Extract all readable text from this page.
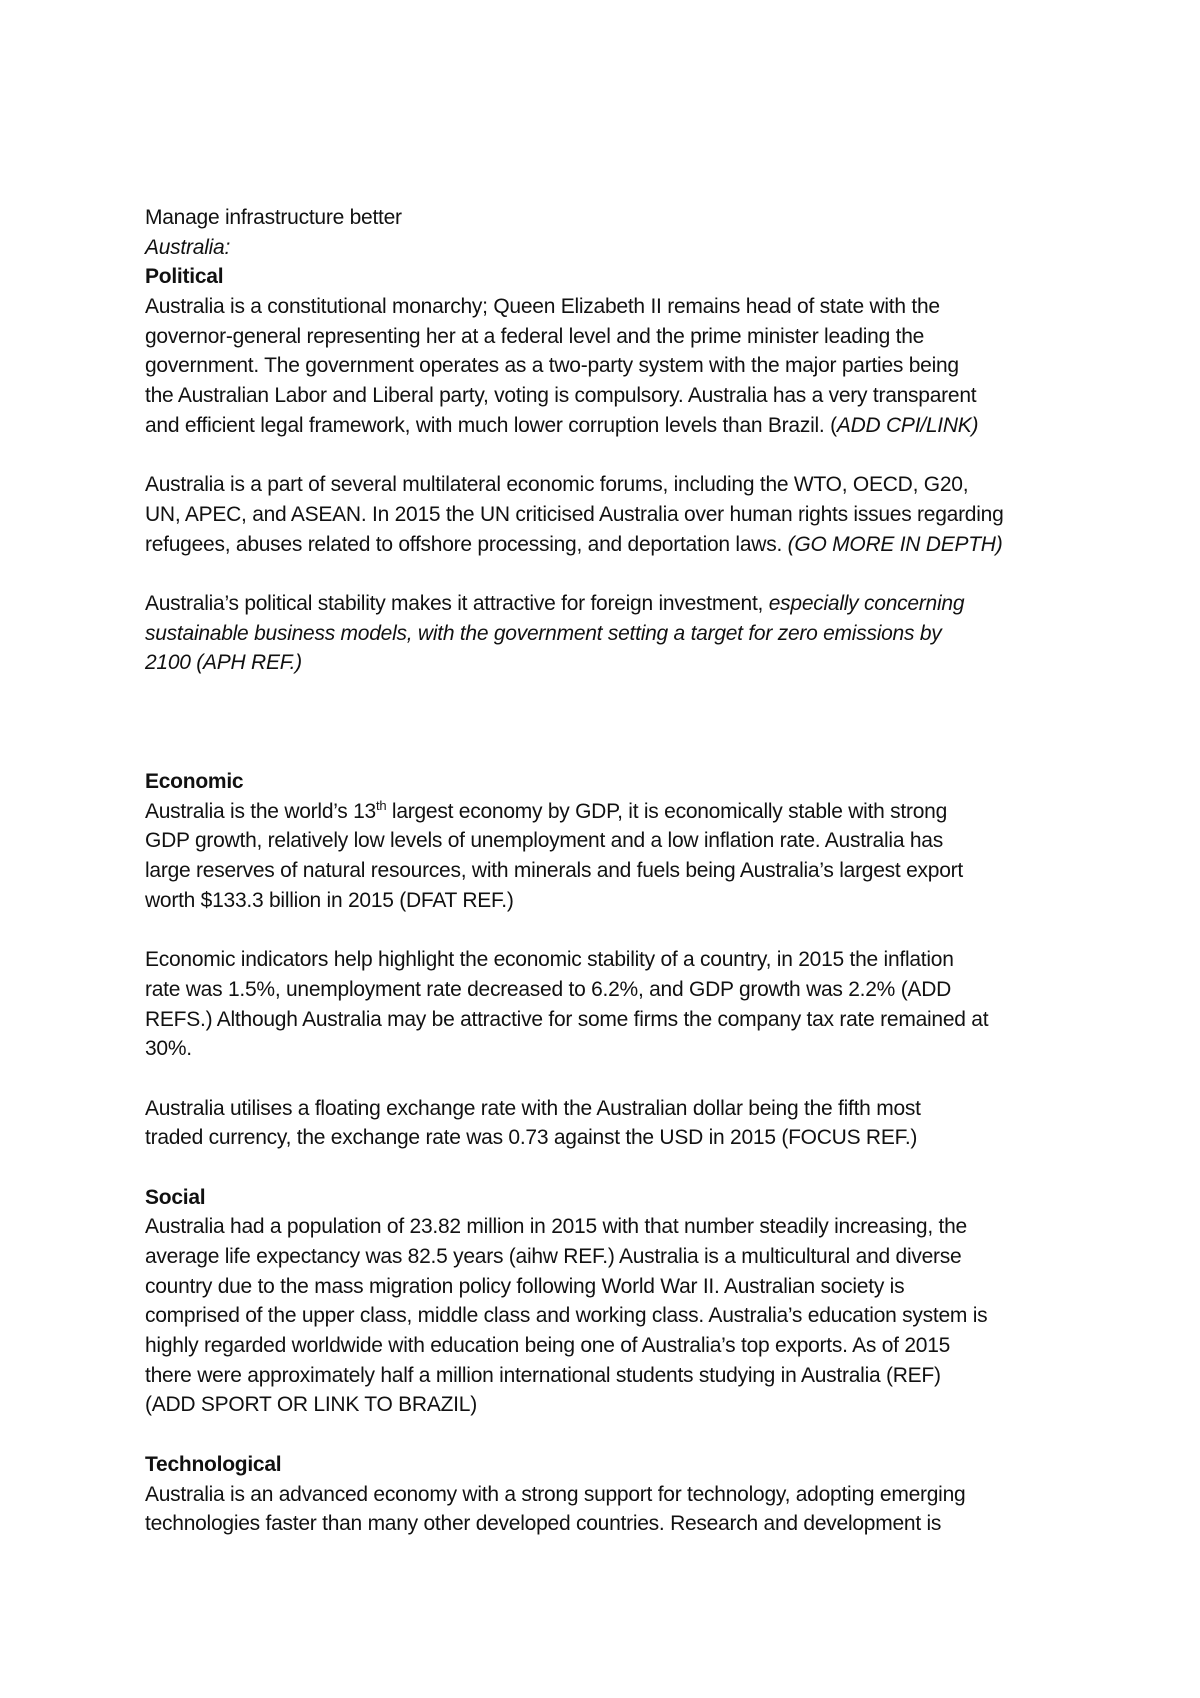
Manage infrastructure better

Australia:

Political

Australia is a constitutional monarchy; Queen Elizabeth II remains head of state with the

governor-general representing her at a federal level and the prime minister leading the

government. The government operates as a two-party system with the major parties being

the Australian Labor and Liberal party, voting is compulsory. Australia has a very transparent

and efficient legal framework, with much lower corruption levels than Brazil. (ADD CPI/LINK)

Australia is a part of several multilateral economic forums, including the WTO, OECD, G20,

UN, APEC, and ASEAN. In 2015 the UN criticised Australia over human rights issues regarding

refugees, abuses related to offshore processing, and deportation laws. (GO MORE IN DEPTH)

Australia’s political stability makes it attractive for foreign investment, especially concerning

sustainable business models, with the government setting a target for zero emissions by

2100 (APH REF.)

Economic

Australia is the world’s 13th largest economy by GDP, it is economically stable with strong

GDP growth, relatively low levels of unemployment and a low inflation rate. Australia has

large reserves of natural resources, with minerals and fuels being Australia’s largest export

worth $133.3 billion in 2015 (DFAT REF.)

Economic indicators help highlight the economic stability of a country, in 2015 the inflation

rate was 1.5%, unemployment rate decreased to 6.2%, and GDP growth was 2.2% (ADD

REFS.) Although Australia may be attractive for some firms the company tax rate remained at

30%.

Australia utilises a floating exchange rate with the Australian dollar being the fifth most

traded currency, the exchange rate was 0.73 against the USD in 2015 (FOCUS REF.)

Social

Australia had a population of 23.82 million in 2015 with that number steadily increasing, the

average life expectancy was 82.5 years (aihw REF.) Australia is a multicultural and diverse

country due to the mass migration policy following World War II. Australian society is

comprised of the upper class, middle class and working class. Australia’s education system is

highly regarded worldwide with education being one of Australia’s top exports. As of 2015

there were approximately half a million international students studying in Australia (REF)

(ADD SPORT OR LINK TO BRAZIL)

Technological

Australia is an advanced economy with a strong support for technology, adopting emerging

technologies faster than many other developed countries. Research and development is
